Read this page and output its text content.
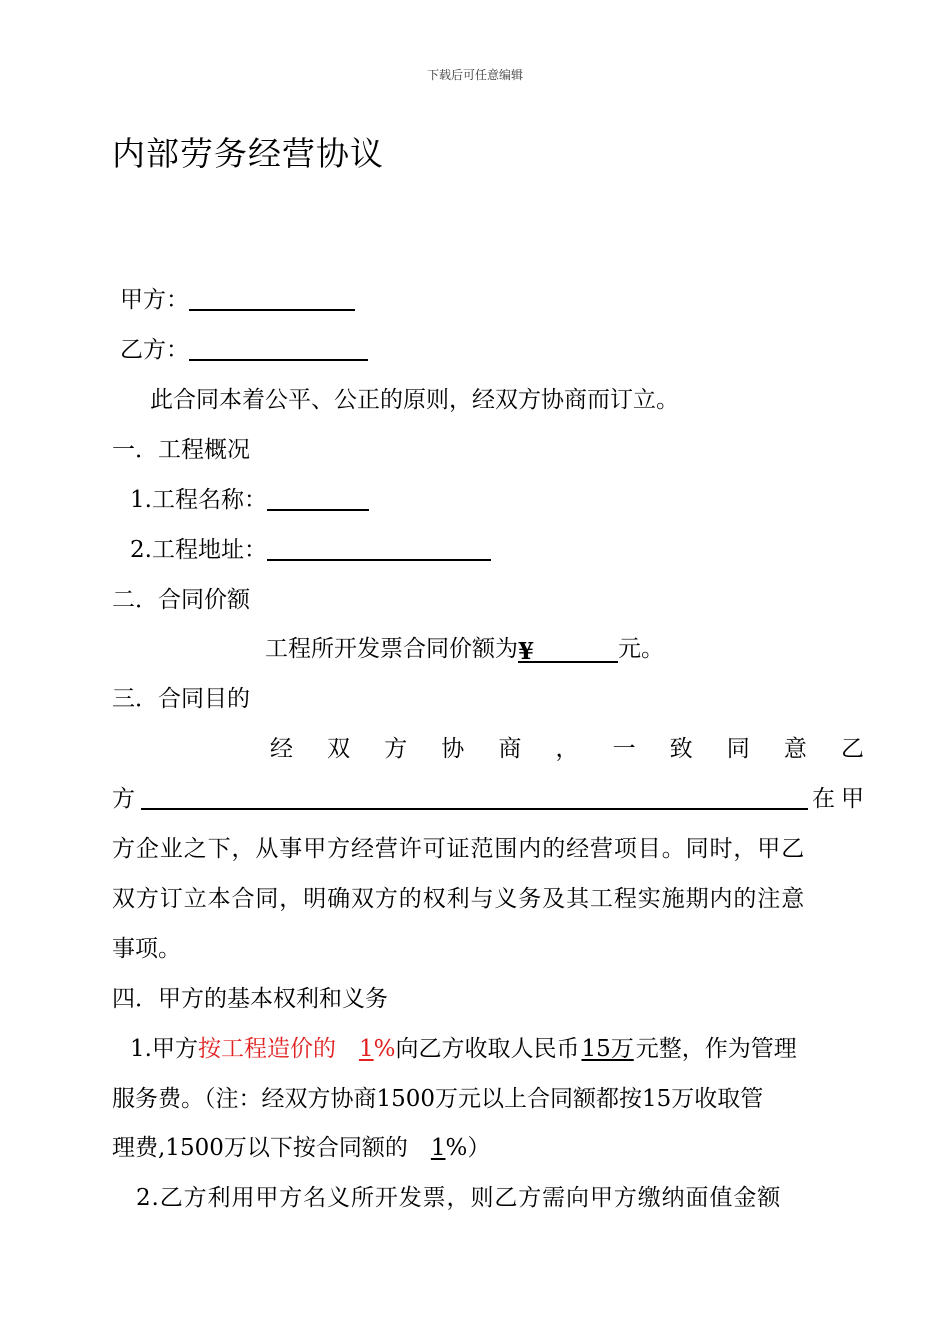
下载后可任意编辑
内部劳务经营协议
甲方：
乙方：
此合同本着公平、公正的原则，经双方协商而订立。
一．工程概况
1.工程名称：
2.工程地址：
二．合同价额
工程所开发票合同价额为¥	元。
三．合同目的
经 双 方 协 商 ， 一 致 同 意 乙
方	在甲
方企业之下，从事甲方经营许可证范围内的经营项目。同时，甲乙
双方订立本合同，明确双方的权利与义务及其工程实施期内的注意
事项。
四．甲方的基本权利和义务
1.甲方按工程造价的　1%向乙方收取人民币15万元整，作为管理
服务费。（注：经双方协商1500万元以上合同额都按15万收取管
理费,1500万以下按合同额的　1%）
2.乙方利用甲方名义所开发票，则乙方需向甲方缴纳面值金额
